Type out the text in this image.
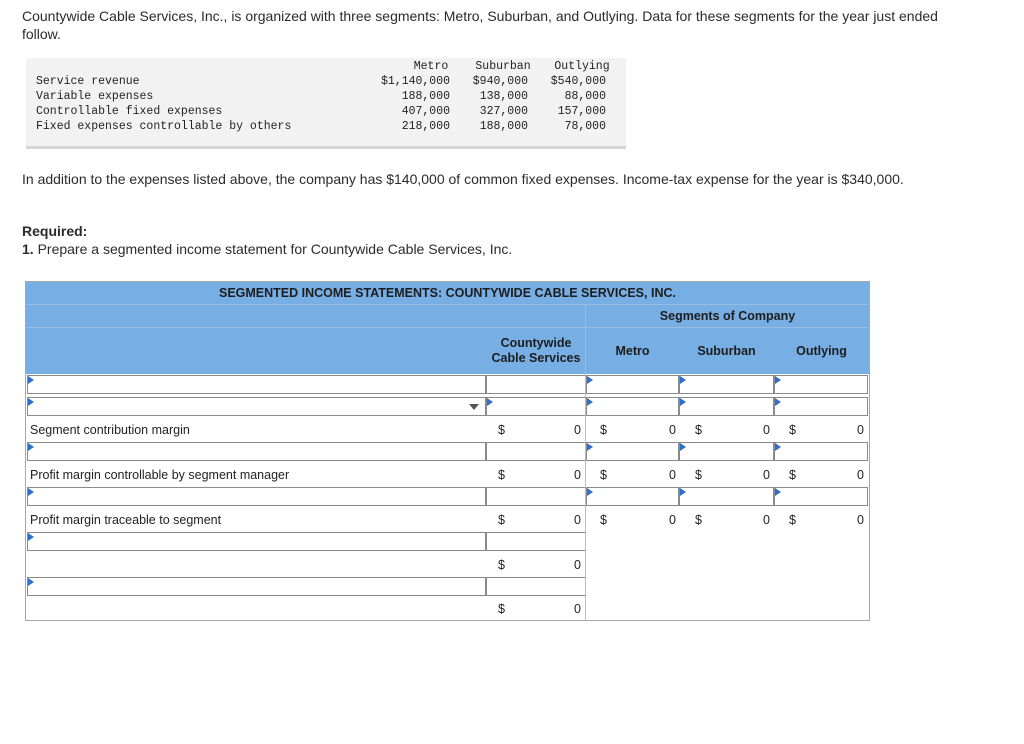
Countywide Cable Services, Inc., is organized with three segments: Metro, Suburban, and Outlying. Data for these segments for the year just ended follow.
Metro	Suburban	Outlying
Service revenue	$1,140,000	$940,000	$540,000
Variable expenses	188,000	138,000	88,000
Controllable fixed expenses	407,000	327,000	157,000
Fixed expenses controllable by others	218,000	188,000	78,000
In addition to the expenses listed above, the company has $140,000 of common fixed expenses. Income-tax expense for the year is $340,000.
Required:
1. Prepare a segmented income statement for Countywide Cable Services, Inc.
SEGMENTED INCOME STATEMENTS: COUNTYWIDE CABLE SERVICES, INC.
Segments of Company
Countywide Cable Services	Metro	Suburban	Outlying
Segment contribution margin	$	0 $	0 $	0 $	0
Profit margin controllable by segment manager	$	0 $	0 $	0 $	0
Profit margin traceable to segment	$	0 $	0 $	0 $	0
$	0
$	0
